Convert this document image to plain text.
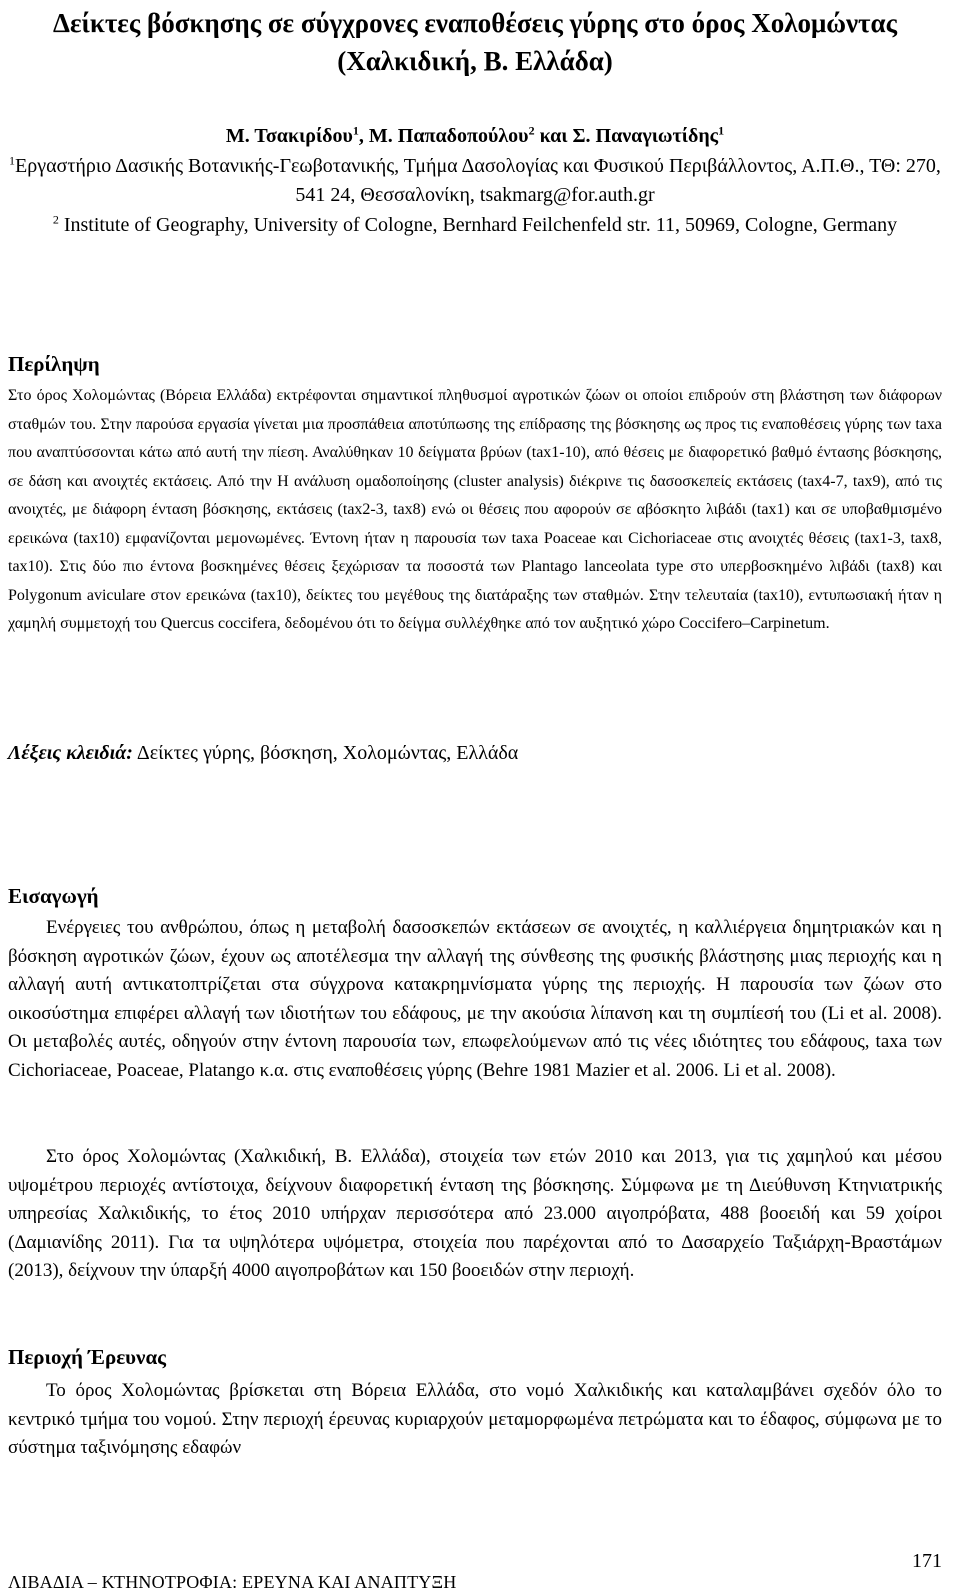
Δείκτες βόσκησης σε σύγχρονες εναποθέσεις γύρης στο όρος Χολομώντας (Χαλκιδική, Β. Ελλάδα)
Μ. Τσακιρίδου$^1$, Μ. Παπαδοπούλου$^2$ και Σ. Παναγιωτίδης$^1$
$^1$Εργαστήριο Δασικής Βοτανικής-Γεωβοτανικής, Τμήμα Δασολογίας και Φυσικού Περιβάλλοντος, Α.Π.Θ., ΤΘ: 270, 541 24, Θεσσαλονίκη, tsakmarg@for.auth.gr
$^2$ Institute of Geography, University of Cologne, Bernhard Feilchenfeld str. 11, 50969, Cologne, Germany
Περίληψη
Στο όρος Χολομώντας (Βόρεια Ελλάδα) εκτρέφονται σημαντικοί πληθυσμοί αγροτικών ζώων οι οποίοι επιδρούν στη βλάστηση των διάφορων σταθμών του. Στην παρούσα εργασία γίνεται μια προσπάθεια αποτύπωσης της επίδρασης της βόσκησης ως προς τις εναποθέσεις γύρης των taxa που αναπτύσσονται κάτω από αυτή την πίεση. Αναλύθηκαν 10 δείγματα βρύων (tax1-10), από θέσεις με διαφορετικό βαθμό έντασης βόσκησης, σε δάση και ανοιχτές εκτάσεις. Από την Η ανάλυση ομαδοποίησης (cluster analysis) διέκρινε τις δασοσκεπείς εκτάσεις (tax4-7, tax9), από τις ανοιχτές, με διάφορη ένταση βόσκησης, εκτάσεις (tax2-3, tax8) ενώ οι θέσεις που αφορούν σε αβόσκητο λιβάδι (tax1) και σε υποβαθμισμένο ερεικώνα (tax10) εμφανίζονται μεμονωμένες. Έντονη ήταν η παρουσία των taxa Poaceae και Cichoriaceae στις ανοιχτές θέσεις (tax1-3, tax8, tax10). Στις δύο πιο έντονα βοσκημένες θέσεις ξεχώρισαν τα ποσοστά των Plantago lanceolata type στο υπερβοσκημένο λιβάδι (tax8) και Polygonum aviculare στον ερεικώνα (tax10), δείκτες του μεγέθους της διατάραξης των σταθμών. Στην τελευταία (tax10), εντυπωσιακή ήταν η χαμηλή συμμετοχή του Quercus coccifera, δεδομένου ότι το δείγμα συλλέχθηκε από τον αυξητικό χώρο Coccifero–Carpinetum.
Λέξεις κλειδιά: Δείκτες γύρης, βόσκηση, Χολομώντας, Ελλάδα
Εισαγωγή
Ενέργειες του ανθρώπου, όπως η μεταβολή δασοσκεπών εκτάσεων σε ανοιχτές, η καλλιέργεια δημητριακών και η βόσκηση αγροτικών ζώων, έχουν ως αποτέλεσμα την αλλαγή της σύνθεσης της φυσικής βλάστησης μιας περιοχής και η αλλαγή αυτή αντικατοπτρίζεται στα σύγχρονα κατακρημνίσματα γύρης της περιοχής. Η παρουσία των ζώων στο οικοσύστημα επιφέρει αλλαγή των ιδιοτήτων του εδάφους, με την ακούσια λίπανση και τη συμπίεσή του (Li et al. 2008). Οι μεταβολές αυτές, οδηγούν στην έντονη παρουσία των, επωφελούμενων από τις νέες ιδιότητες του εδάφους, taxa των Cichoriaceae, Poaceae, Platango κ.α. στις εναποθέσεις γύρης (Behre 1981 Mazier et al. 2006. Li et al. 2008).
Στο όρος Χολομώντας (Χαλκιδική, Β. Ελλάδα), στοιχεία των ετών 2010 και 2013, για τις χαμηλού και μέσου υψομέτρου περιοχές αντίστοιχα, δείχνουν διαφορετική ένταση της βόσκησης. Σύμφωνα με τη Διεύθυνση Κτηνιατρικής υπηρεσίας Χαλκιδικής, το έτος 2010 υπήρχαν περισσότερα από 23.000 αιγοπρόβατα, 488 βοοειδή και 59 χοίροι (Δαμιανίδης 2011). Για τα υψηλότερα υψόμετρα, στοιχεία που παρέχονται από το Δασαρχείο Ταξιάρχη-Βραστάμων (2013), δείχνουν την ύπαρξή 4000 αιγοπροβάτων και 150 βοοειδών στην περιοχή.
Περιοχή Έρευνας
Το όρος Χολομώντας βρίσκεται στη Βόρεια Ελλάδα, στο νομό Χαλκιδικής και καταλαμβάνει σχεδόν όλο το κεντρικό τμήμα του νομού. Στην περιοχή έρευνας κυριαρχούν μεταμορφωμένα πετρώματα και το έδαφος, σύμφωνα με το σύστημα ταξινόμησης εδαφών
171
ΛΙΒΑΔΙΑ – ΚΤΗΝΟΤΡΟΦΙΑ: ΕΡΕΥΝΑ ΚΑΙ ΑΝΑΠΤΥΞΗ
